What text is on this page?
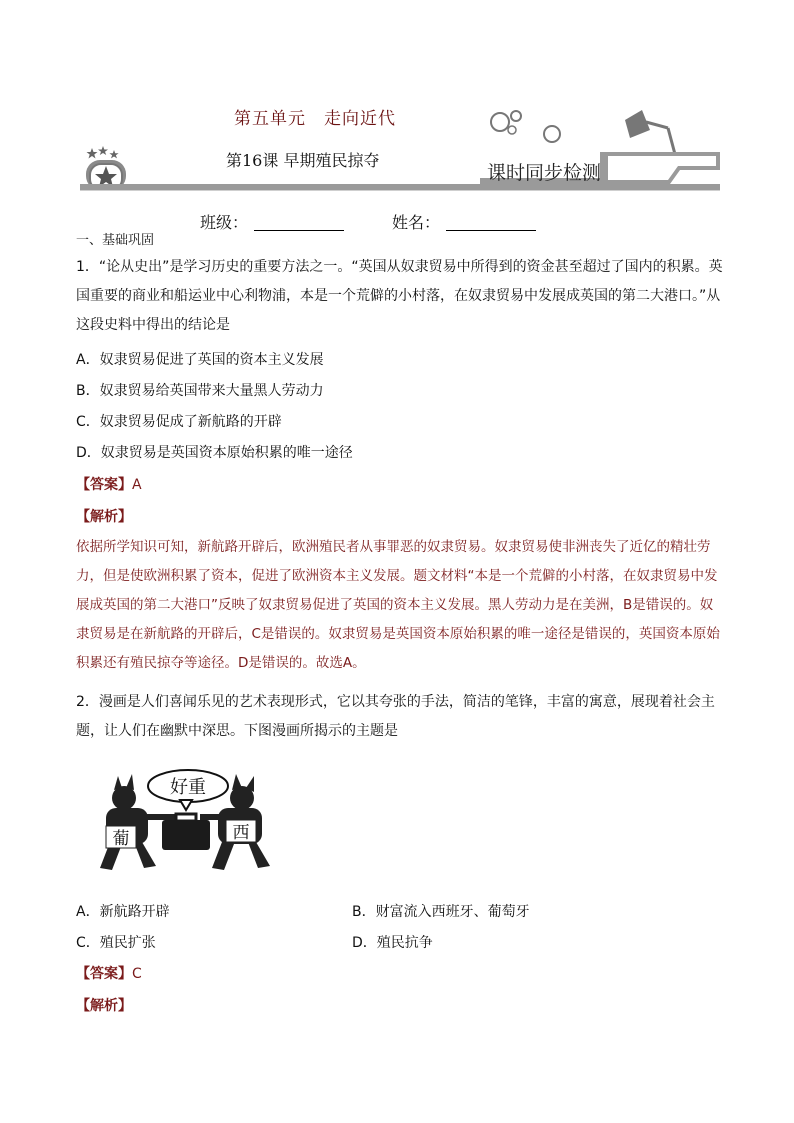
第五单元　走向近代
第16课 早期殖民掠夺
课时同步检测
班级：	姓名：
一、基础巩固
1．“论从史出”是学习历史的重要方法之一。“英国从奴隶贸易中所得到的资金甚至超过了国内的积累。英国重要的商业和船运业中心利物浦，本是一个荒僻的小村落，在奴隶贸易中发展成英国的第二大港口。”从这段史料中得出的结论是
A．奴隶贸易促进了英国的资本主义发展
B．奴隶贸易给英国带来大量黑人劳动力
C．奴隶贸易促成了新航路的开辟
D．奴隶贸易是英国资本原始积累的唯一途径
【答案】A
【解析】
依据所学知识可知，新航路开辟后，欧洲殖民者从事罪恶的奴隶贸易。奴隶贸易使非洲丧失了近亿的精壮劳力，但是使欧洲积累了资本，促进了欧洲资本主义发展。题文材料“本是一个荒僻的小村落，在奴隶贸易中发展成英国的第二大港口”反映了奴隶贸易促进了英国的资本主义发展。黑人劳动力是在美洲，B是错误的。奴隶贸易是在新航路的开辟后，C是错误的。奴隶贸易是英国资本原始积累的唯一途径是错误的，英国资本原始积累还有殖民掠夺等途径。D是错误的。故选A。
2．漫画是人们喜闻乐见的艺术表现形式，它以其夸张的手法，简洁的笔锋，丰富的寓意，展现着社会主题，让人们在幽默中深思。下图漫画所揭示的主题是
好重
葡	西
A．新航路开辟	B．财富流入西班牙、葡萄牙
C．殖民扩张	D．殖民抗争
【答案】C
【解析】
